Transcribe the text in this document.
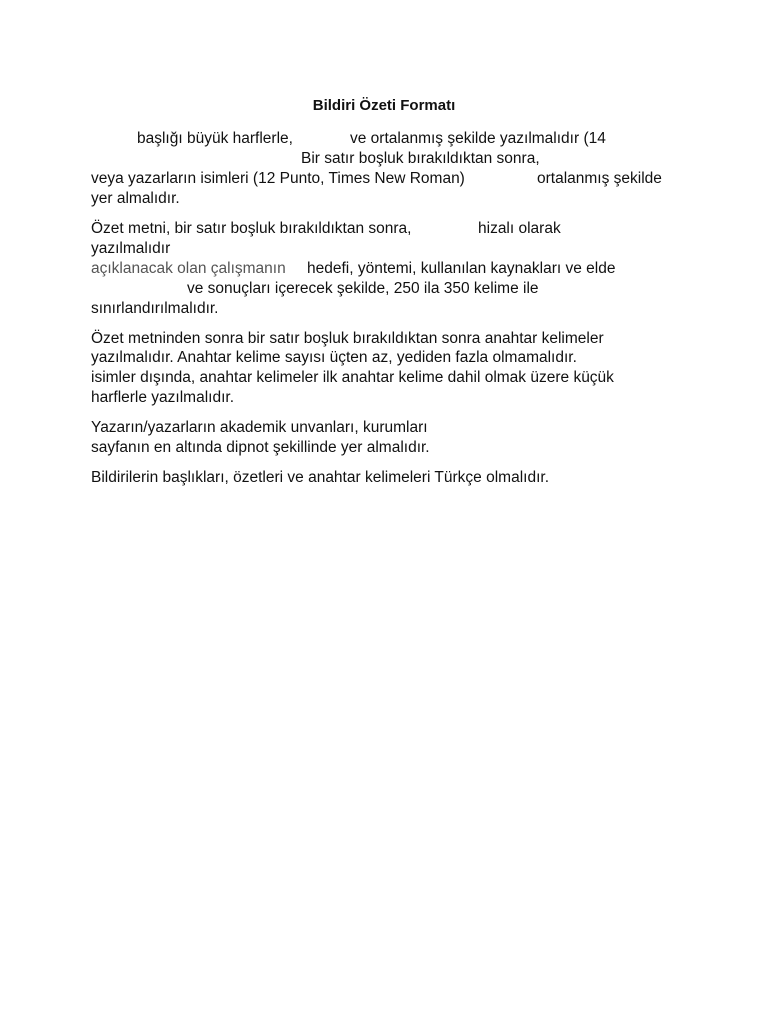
Bildiri Özeti Formatı
başlığı büyük harflerle,	ve ortalanmış şekilde yazılmalıdır (14
Bir satır boşluk bırakıldıktan sonra,
veya yazarların isimleri (12 Punto, Times New Roman)	ortalanmış şekilde
yer almalıdır.
Özet metni, bir satır boşluk bırakıldıktan sonra,	hizalı olarak
yazılmalıdır
açıklanacak olan çalışmanın hedefi, yöntemi, kullanılan kaynakları ve elde
ve sonuçları içerecek şekilde, 250 ila 350 kelime ile
sınırlandırılmalıdır.
Özet metninden sonra bir satır boşluk bırakıldıktan sonra anahtar kelimeler
yazılmalıdır. Anahtar kelime sayısı üçten az, yediden fazla olmamalıdır.
isimler dışında, anahtar kelimeler ilk anahtar kelime dahil olmak üzere küçük
harflerle yazılmalıdır.
Yazarın/yazarların akademik unvanları, kurumları
sayfanın en altında dipnot şekillinde yer almalıdır.
Bildirilerin başlıkları, özetleri ve anahtar kelimeleri Türkçe olmalıdır.
